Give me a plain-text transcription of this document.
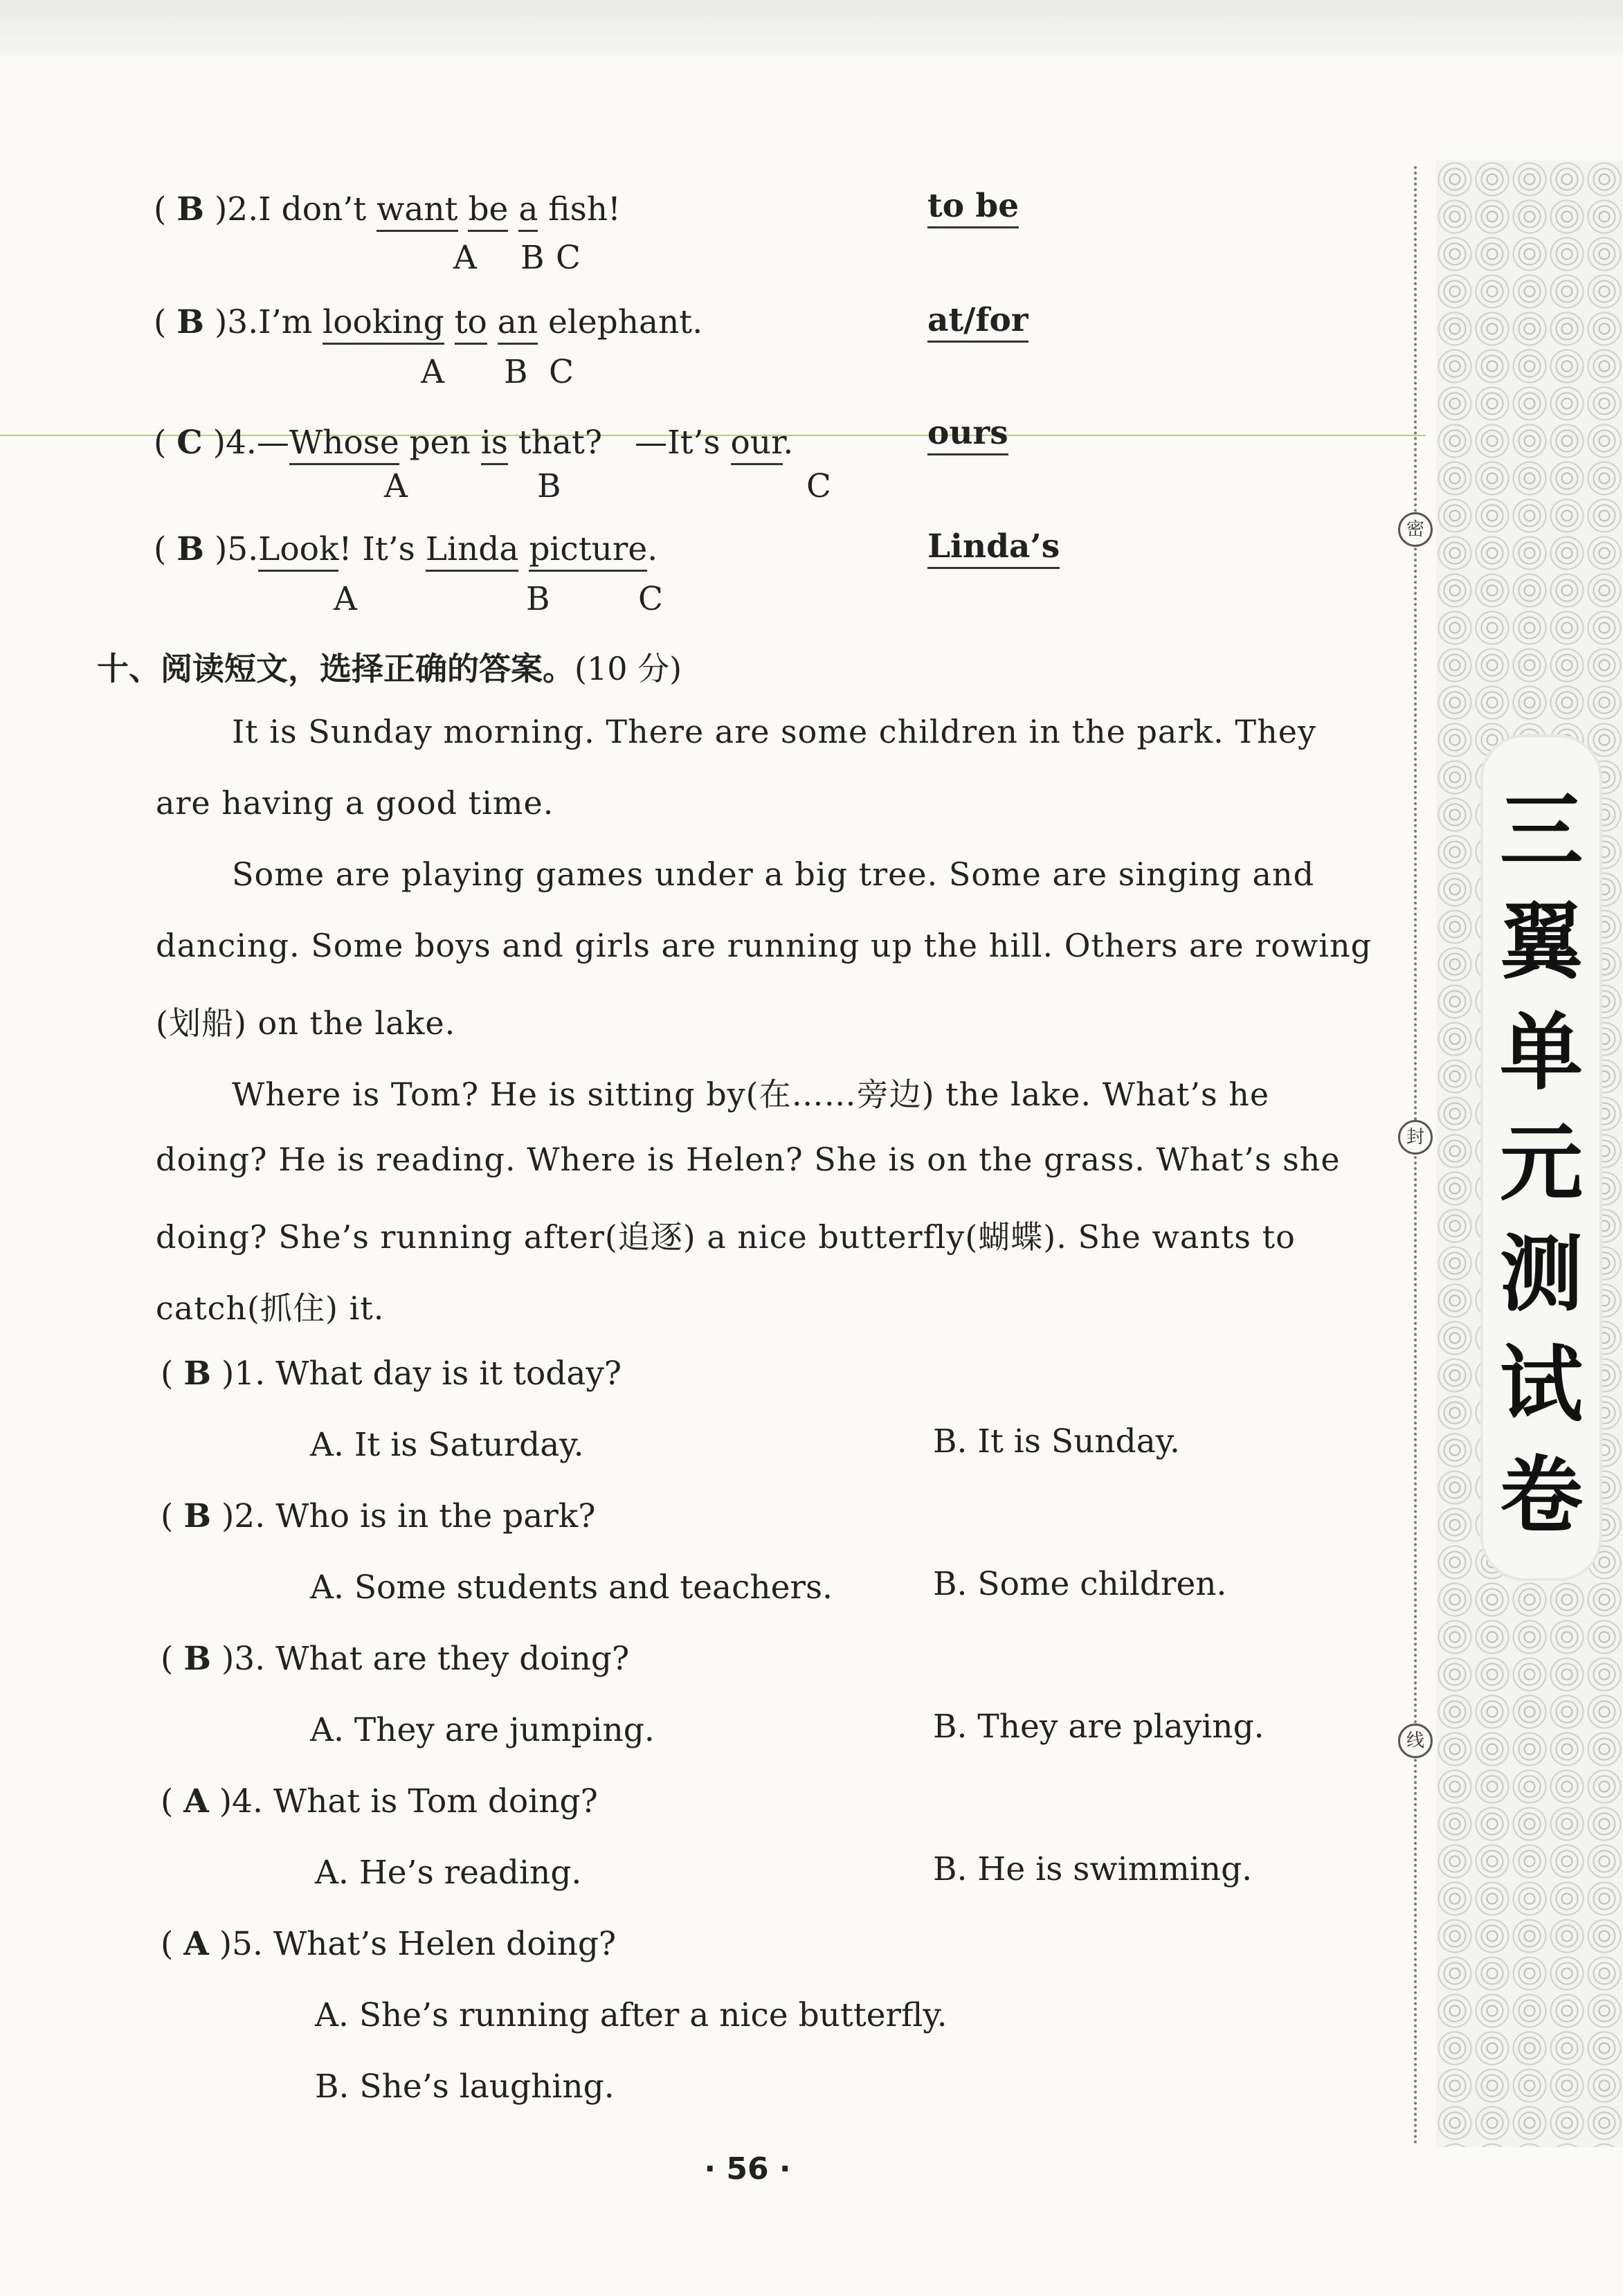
密
封
线
三
翼
单
元
测
试
卷
( B )2.I don’t want be a fish!
A B C
to be
( B )3.I’m looking to an elephant.
A B C
at/for
( C )4.—Whose pen is that?　—It’s our.
A	B	C
ours
( B )5.Look! It’s Linda picture.
A	B	C
Linda’s
十、阅读短文，选择正确的答案。(10 分)
It is Sunday morning. There are some children in the park. They
are having a good time.
Some are playing games under a big tree. Some are singing and
dancing. Some boys and girls are running up the hill. Others are rowing
(划船) on the lake.
Where is Tom? He is sitting by(在……旁边) the lake. What’s he
doing? He is reading. Where is Helen? She is on the grass. What’s she
doing? She’s running after(追逐) a nice butterfly(蝴蝶). She wants to
catch(抓住) it.
( B )1. What day is it today?
A. It is Saturday.	B. It is Sunday.
( B )2. Who is in the park?
A. Some students and teachers.	B. Some children.
( B )3. What are they doing?
A. They are jumping.	B. They are playing.
( A )4. What is Tom doing?
A. He’s reading.	B. He is swimming.
( A )5. What’s Helen doing?
A. She’s running after a nice butterfly.
B. She’s laughing.
· 56 ·
